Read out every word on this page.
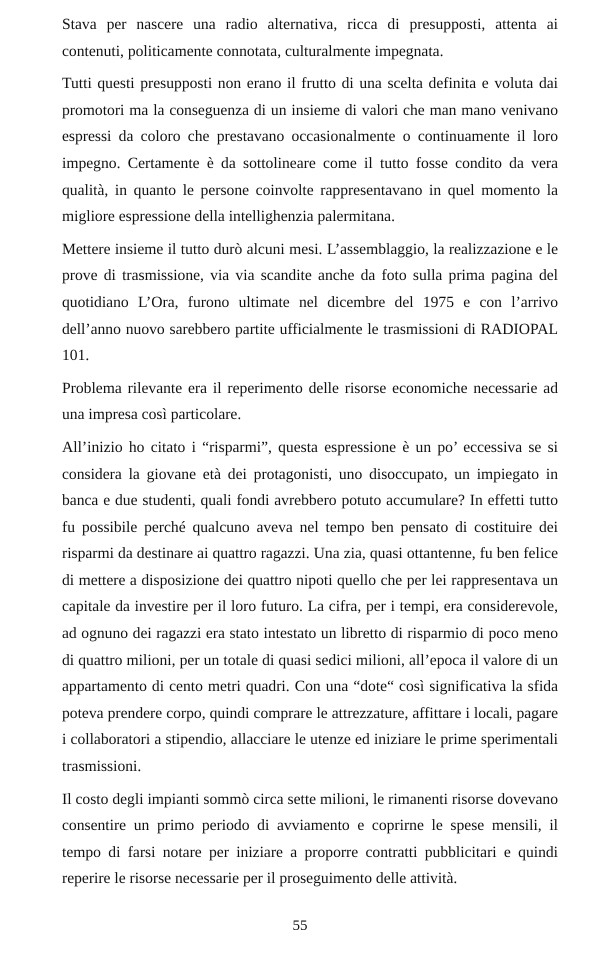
Stava per nascere una radio alternativa, ricca di presupposti, attenta ai contenuti, politicamente connotata, culturalmente impegnata.

Tutti questi presupposti non erano il frutto di una scelta definita e voluta dai promotori ma la conseguenza di un insieme di valori che man mano venivano espressi da coloro che prestavano occasionalmente o continuamente il loro impegno. Certamente è da sottolineare come il tutto fosse condito da vera qualità, in quanto le persone coinvolte rappresentavano in quel momento la migliore espressione della intellighenzia palermitana.

Mettere insieme il tutto durò alcuni mesi. L’assemblaggio, la realizzazione e le prove di trasmissione, via via scandite anche da foto sulla prima pagina del quotidiano L’Ora, furono ultimate nel dicembre del 1975 e con l’arrivo dell’anno nuovo sarebbero partite ufficialmente le trasmissioni di RADIOPAL 101.

Problema rilevante era il reperimento delle risorse economiche necessarie ad una impresa così particolare.

All’inizio ho citato i “risparmi”, questa espressione è un po’ eccessiva se si considera la giovane età dei protagonisti, uno disoccupato, un impiegato in banca e due studenti, quali fondi avrebbero potuto accumulare? In effetti tutto fu possibile perché qualcuno aveva nel tempo ben pensato di costituire dei risparmi da destinare ai quattro ragazzi. Una zia, quasi ottantenne, fu ben felice di mettere a disposizione dei quattro nipoti quello che per lei rappresentava un capitale da investire per il loro futuro. La cifra, per i tempi, era considerevole, ad ognuno dei ragazzi era stato intestato un libretto di risparmio di poco meno di quattro milioni, per un totale di quasi sedici milioni, all’epoca il valore di un appartamento di cento metri quadri. Con una “dote“ così significativa la sfida poteva prendere corpo, quindi comprare le attrezzature, affittare i locali, pagare i collaboratori a stipendio, allacciare le utenze ed iniziare le prime sperimentali trasmissioni.

Il costo degli impianti sommò circa sette milioni, le rimanenti risorse dovevano consentire un primo periodo di avviamento e coprirne le spese mensili, il tempo di farsi notare per iniziare a proporre contratti pubblicitari e quindi reperire le risorse necessarie per il proseguimento delle attività.

55
